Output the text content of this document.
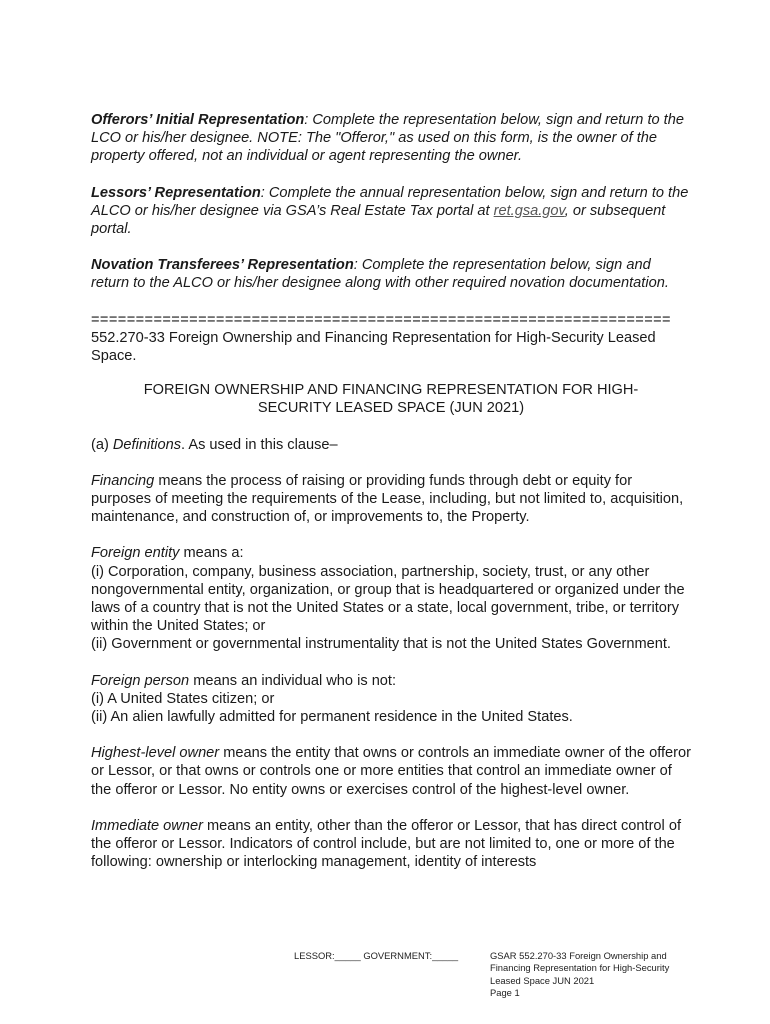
Offerors’ Initial Representation: Complete the representation below, sign and return to the LCO or his/her designee. NOTE: The "Offeror," as used on this form, is the owner of the property offered, not an individual or agent representing the owner.

Lessors’ Representation: Complete the annual representation below, sign and return to the ALCO or his/her designee via GSA’s Real Estate Tax portal at ret.gsa.gov, or subsequent portal.

Novation Transferees’ Representation: Complete the representation below, sign and return to the ALCO or his/her designee along with other required novation documentation.

=================================================================

552.270-33 Foreign Ownership and Financing Representation for High-Security Leased Space.

FOREIGN OWNERSHIP AND FINANCING REPRESENTATION FOR HIGH-SECURITY LEASED SPACE (JUN 2021)

(a) Definitions. As used in this clause–

Financing means the process of raising or providing funds through debt or equity for purposes of meeting the requirements of the Lease, including, but not limited to, acquisition, maintenance, and construction of, or improvements to, the Property.

Foreign entity means a:

(i) Corporation, company, business association, partnership, society, trust, or any other nongovernmental entity, organization, or group that is headquartered or organized under the laws of a country that is not the United States or a state, local government, tribe, or territory within the United States; or

(ii) Government or governmental instrumentality that is not the United States Government.

Foreign person means an individual who is not:

(i) A United States citizen; or

(ii) An alien lawfully admitted for permanent residence in the United States.

Highest-level owner means the entity that owns or controls an immediate owner of the offeror or Lessor, or that owns or controls one or more entities that control an immediate owner of the offeror or Lessor. No entity owns or exercises control of the highest-level owner.

Immediate owner means an entity, other than the offeror or Lessor, that has direct control of the offeror or Lessor. Indicators of control include, but are not limited to, one or more of the following: ownership or interlocking management, identity of interests

LESSOR:_____ GOVERNMENT:_____	GSAR 552.270-33 Foreign Ownership and
Financing Representation for High-Security
Leased Space JUN 2021
Page 1
